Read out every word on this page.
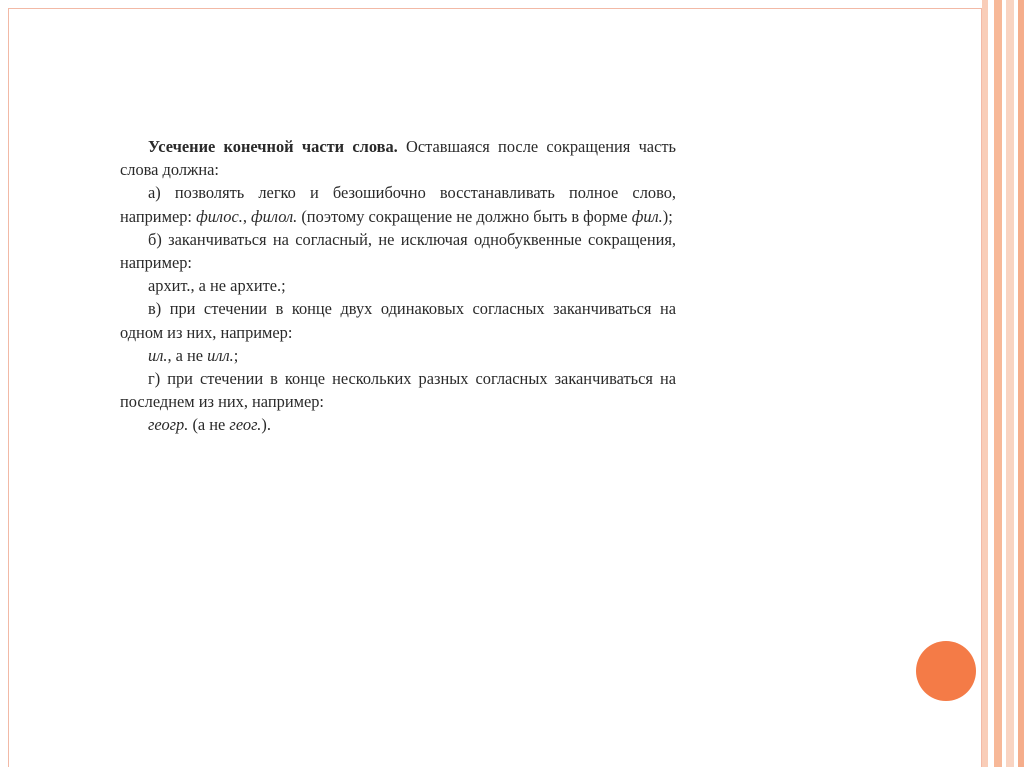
Усечение конечной части слова. Оставшаяся после сокращения часть слова должна:

а) позволять легко и безошибочно восстанавливать полное слово, например: филос., филол. (поэтому сокращение не должно быть в форме фил.);

б) заканчиваться на согласный, не исключая однобуквенные сокращения, например:

архит., а не архите.;

в) при стечении в конце двух одинаковых согласных заканчиваться на одном из них, например:

ил., а не илл.;

г) при стечении в конце нескольких разных согласных заканчиваться на последнем из них, например:

геогр. (а не геог.).
